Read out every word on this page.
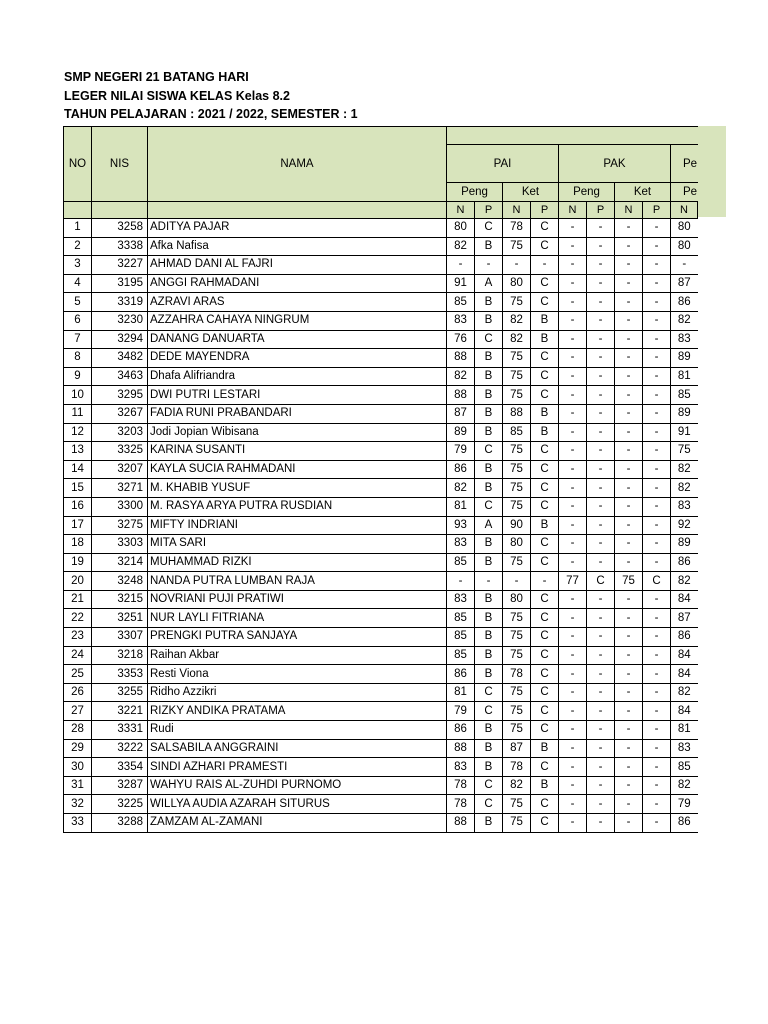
SMP NEGERI 21 BATANG HARI
LEGER NILAI SISWA KELAS Kelas 8.2
TAHUN PELAJARAN : 2021 / 2022, SEMESTER : 1
NO	NIS	NAMA									
			PAI				PAK				Pe
			Peng		Ket		Peng		Ket		Pe
			N	P	N	P	N	P	N	P	N
1	3258	ADITYA PAJAR	80	C	78	C	-	-	-	-	80
2	3338	Afka Nafisa	82	B	75	C	-	-	-	-	80
3	3227	AHMAD DANI AL FAJRI	-	-	-	-	-	-	-	-	-
4	3195	ANGGI RAHMADANI	91	A	80	C	-	-	-	-	87
5	3319	AZRAVI ARAS	85	B	75	C	-	-	-	-	86
6	3230	AZZAHRA CAHAYA NINGRUM	83	B	82	B	-	-	-	-	82
7	3294	DANANG DANUARTA	76	C	82	B	-	-	-	-	83
8	3482	DEDE MAYENDRA	88	B	75	C	-	-	-	-	89
9	3463	Dhafa Alifriandra	82	B	75	C	-	-	-	-	81
10	3295	DWI PUTRI LESTARI	88	B	75	C	-	-	-	-	85
11	3267	FADIA RUNI PRABANDARI	87	B	88	B	-	-	-	-	89
12	3203	Jodi Jopian Wibisana	89	B	85	B	-	-	-	-	91
13	3325	KARINA SUSANTI	79	C	75	C	-	-	-	-	75
14	3207	KAYLA SUCIA RAHMADANI	86	B	75	C	-	-	-	-	82
15	3271	M. KHABIB YUSUF	82	B	75	C	-	-	-	-	82
16	3300	M. RASYA ARYA PUTRA RUSDIAN	81	C	75	C	-	-	-	-	83
17	3275	MIFTY INDRIANI	93	A	90	B	-	-	-	-	92
18	3303	MITA SARI	83	B	80	C	-	-	-	-	89
19	3214	MUHAMMAD RIZKI	85	B	75	C	-	-	-	-	86
20	3248	NANDA PUTRA LUMBAN RAJA	-	-	-	-	77	C	75	C	82
21	3215	NOVRIANI PUJI PRATIWI	83	B	80	C	-	-	-	-	84
22	3251	NUR LAYLI FITRIANA	85	B	75	C	-	-	-	-	87
23	3307	PRENGKI PUTRA SANJAYA	85	B	75	C	-	-	-	-	86
24	3218	Raihan Akbar	85	B	75	C	-	-	-	-	84
25	3353	Resti Viona	86	B	78	C	-	-	-	-	84
26	3255	Ridho Azzikri	81	C	75	C	-	-	-	-	82
27	3221	RIZKY ANDIKA PRATAMA	79	C	75	C	-	-	-	-	84
28	3331	Rudi	86	B	75	C	-	-	-	-	81
29	3222	SALSABILA ANGGRAINI	88	B	87	B	-	-	-	-	83
30	3354	SINDI AZHARI PRAMESTI	83	B	78	C	-	-	-	-	85
31	3287	WAHYU RAIS AL-ZUHDI PURNOMO	78	C	82	B	-	-	-	-	82
32	3225	WILLYA AUDIA AZARAH SITURUS	78	C	75	C	-	-	-	-	79
33	3288	ZAMZAM AL-ZAMANI	88	B	75	C	-	-	-	-	86
